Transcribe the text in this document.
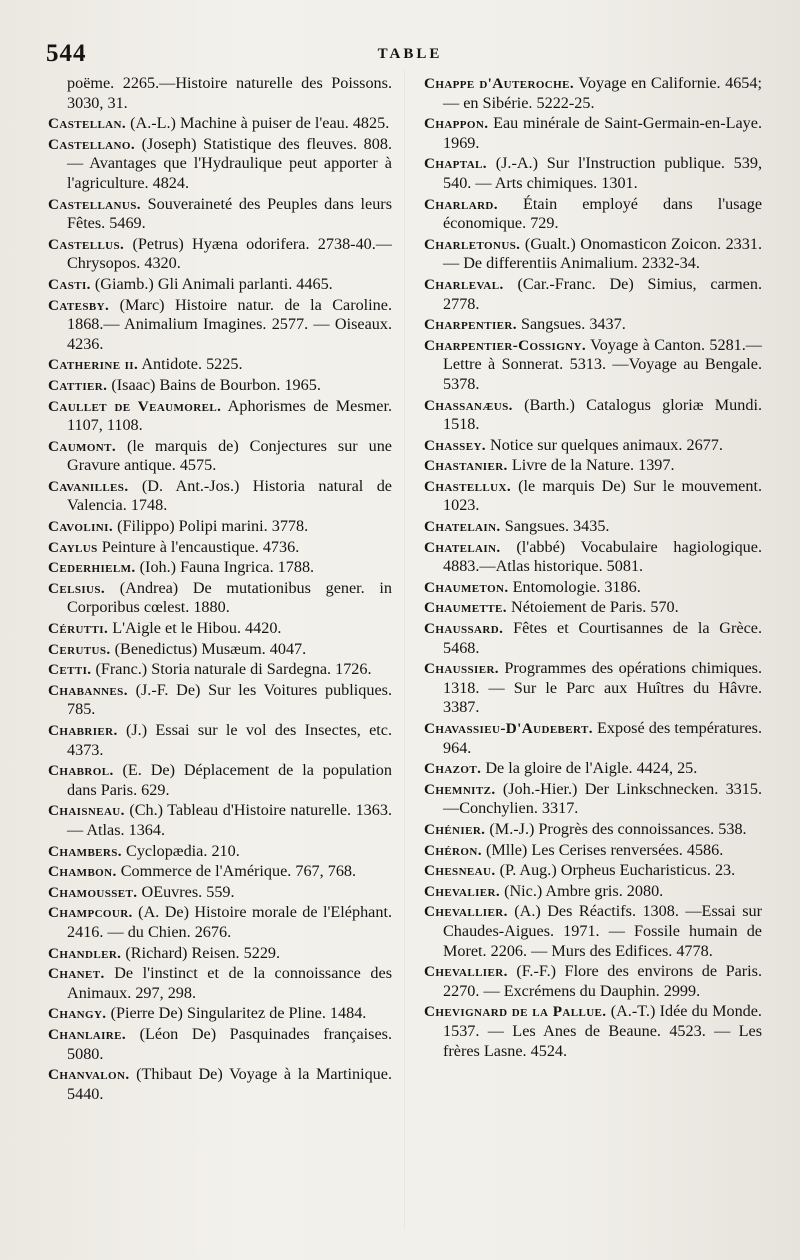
544	TABLE
poëme. 2265.—Histoire naturelle des Poissons. 3030, 31.
Castellan. (A.-L.) Machine à puiser de l'eau. 4825.
Castellano. (Joseph) Statistique des fleuves. 808. — Avantages que l'Hydraulique peut apporter à l'agriculture. 4824.
Castellanus. Souveraineté des Peuples dans leurs Fêtes. 5469.
Castellus. (Petrus) Hyæna odorifera. 2738-40.—Chrysopos. 4320.
Casti. (Giamb.) Gli Animali parlanti. 4465.
Catesby. (Marc) Histoire natur. de la Caroline. 1868.— Animalium Imagines. 2577. — Oiseaux. 4236.
Catherine ii. Antidote. 5225.
Cattier. (Isaac) Bains de Bourbon. 1965.
Caullet de Veaumorel. Aphorismes de Mesmer. 1107, 1108.
Caumont. (le marquis de) Conjectures sur une Gravure antique. 4575.
Cavanilles. (D. Ant.-Jos.) Historia natural de Valencia. 1748.
Cavolini. (Filippo) Polipi marini. 3778.
Caylus Peinture à l'encaustique. 4736.
Cederhielm. (Ioh.) Fauna Ingrica. 1788.
Celsius. (Andrea) De mutationibus gener. in Corporibus cœlest. 1880.
Cérutti. L'Aigle et le Hibou. 4420.
Cerutus. (Benedictus) Musæum. 4047.
Cetti. (Franc.) Storia naturale di Sardegna. 1726.
Chabannes. (J.-F. De) Sur les Voitures publiques. 785.
Chabrier. (J.) Essai sur le vol des Insectes, etc. 4373.
Chabrol. (E. De) Déplacement de la population dans Paris. 629.
Chaisneau. (Ch.) Tableau d'Histoire naturelle. 1363. — Atlas. 1364.
Chambers. Cyclopædia. 210.
Chambon. Commerce de l'Amérique. 767, 768.
Chamousset. OEuvres. 559.
Champcour. (A. De) Histoire morale de l'Eléphant. 2416. — du Chien. 2676.
Chandler. (Richard) Reisen. 5229.
Chanet. De l'instinct et de la connoissance des Animaux. 297, 298.
Changy. (Pierre De) Singularitez de Pline. 1484.
Chanlaire. (Léon De) Pasquinades françaises. 5080.
Chanvalon. (Thibaut De) Voyage à la Martinique. 5440.
Chappe d'Auteroche. Voyage en Californie. 4654; — en Sibérie. 5222-25.
Chappon. Eau minérale de Saint-Germain-en-Laye. 1969.
Chaptal. (J.-A.) Sur l'Instruction publique. 539, 540. — Arts chimiques. 1301.
Charlard. Étain employé dans l'usage économique. 729.
Charletonus. (Gualt.) Onomasticon Zoicon. 2331. — De differentiis Animalium. 2332-34.
Charleval. (Car.-Franc. De) Simius, carmen. 2778.
Charpentier. Sangsues. 3437.
Charpentier-Cossigny. Voyage à Canton. 5281.—Lettre à Sonnerat. 5313. —Voyage au Bengale. 5378.
Chassanæus. (Barth.) Catalogus gloriæ Mundi. 1518.
Chassey. Notice sur quelques animaux. 2677.
Chastanier. Livre de la Nature. 1397.
Chastellux. (le marquis De) Sur le mouvement. 1023.
Chatelain. Sangsues. 3435.
Chatelain. (l'abbé) Vocabulaire hagiologique. 4883.—Atlas historique. 5081.
Chaumeton. Entomologie. 3186.
Chaumette. Nétoiement de Paris. 570.
Chaussard. Fêtes et Courtisannes de la Grèce. 5468.
Chaussier. Programmes des opérations chimiques. 1318. — Sur le Parc aux Huîtres du Hâvre. 3387.
Chavassieu-D'Audebert. Exposé des températures. 964.
Chazot. De la gloire de l'Aigle. 4424, 25.
Chemnitz. (Joh.-Hier.) Der Linkschnecken. 3315.—Conchylien. 3317.
Chénier. (M.-J.) Progrès des connoissances. 538.
Chéron. (Mlle) Les Cerises renversées. 4586.
Chesneau. (P. Aug.) Orpheus Eucharisticus. 23.
Chevalier. (Nic.) Ambre gris. 2080.
Chevallier. (A.) Des Réactifs. 1308. —Essai sur Chaudes-Aigues. 1971. — Fossile humain de Moret. 2206. — Murs des Edifices. 4778.
Chevallier. (F.-F.) Flore des environs de Paris. 2270. — Excrémens du Dauphin. 2999.
Chevignard de la Pallue. (A.-T.) Idée du Monde. 1537. — Les Anes de Beaune. 4523. — Les frères Lasne. 4524.
